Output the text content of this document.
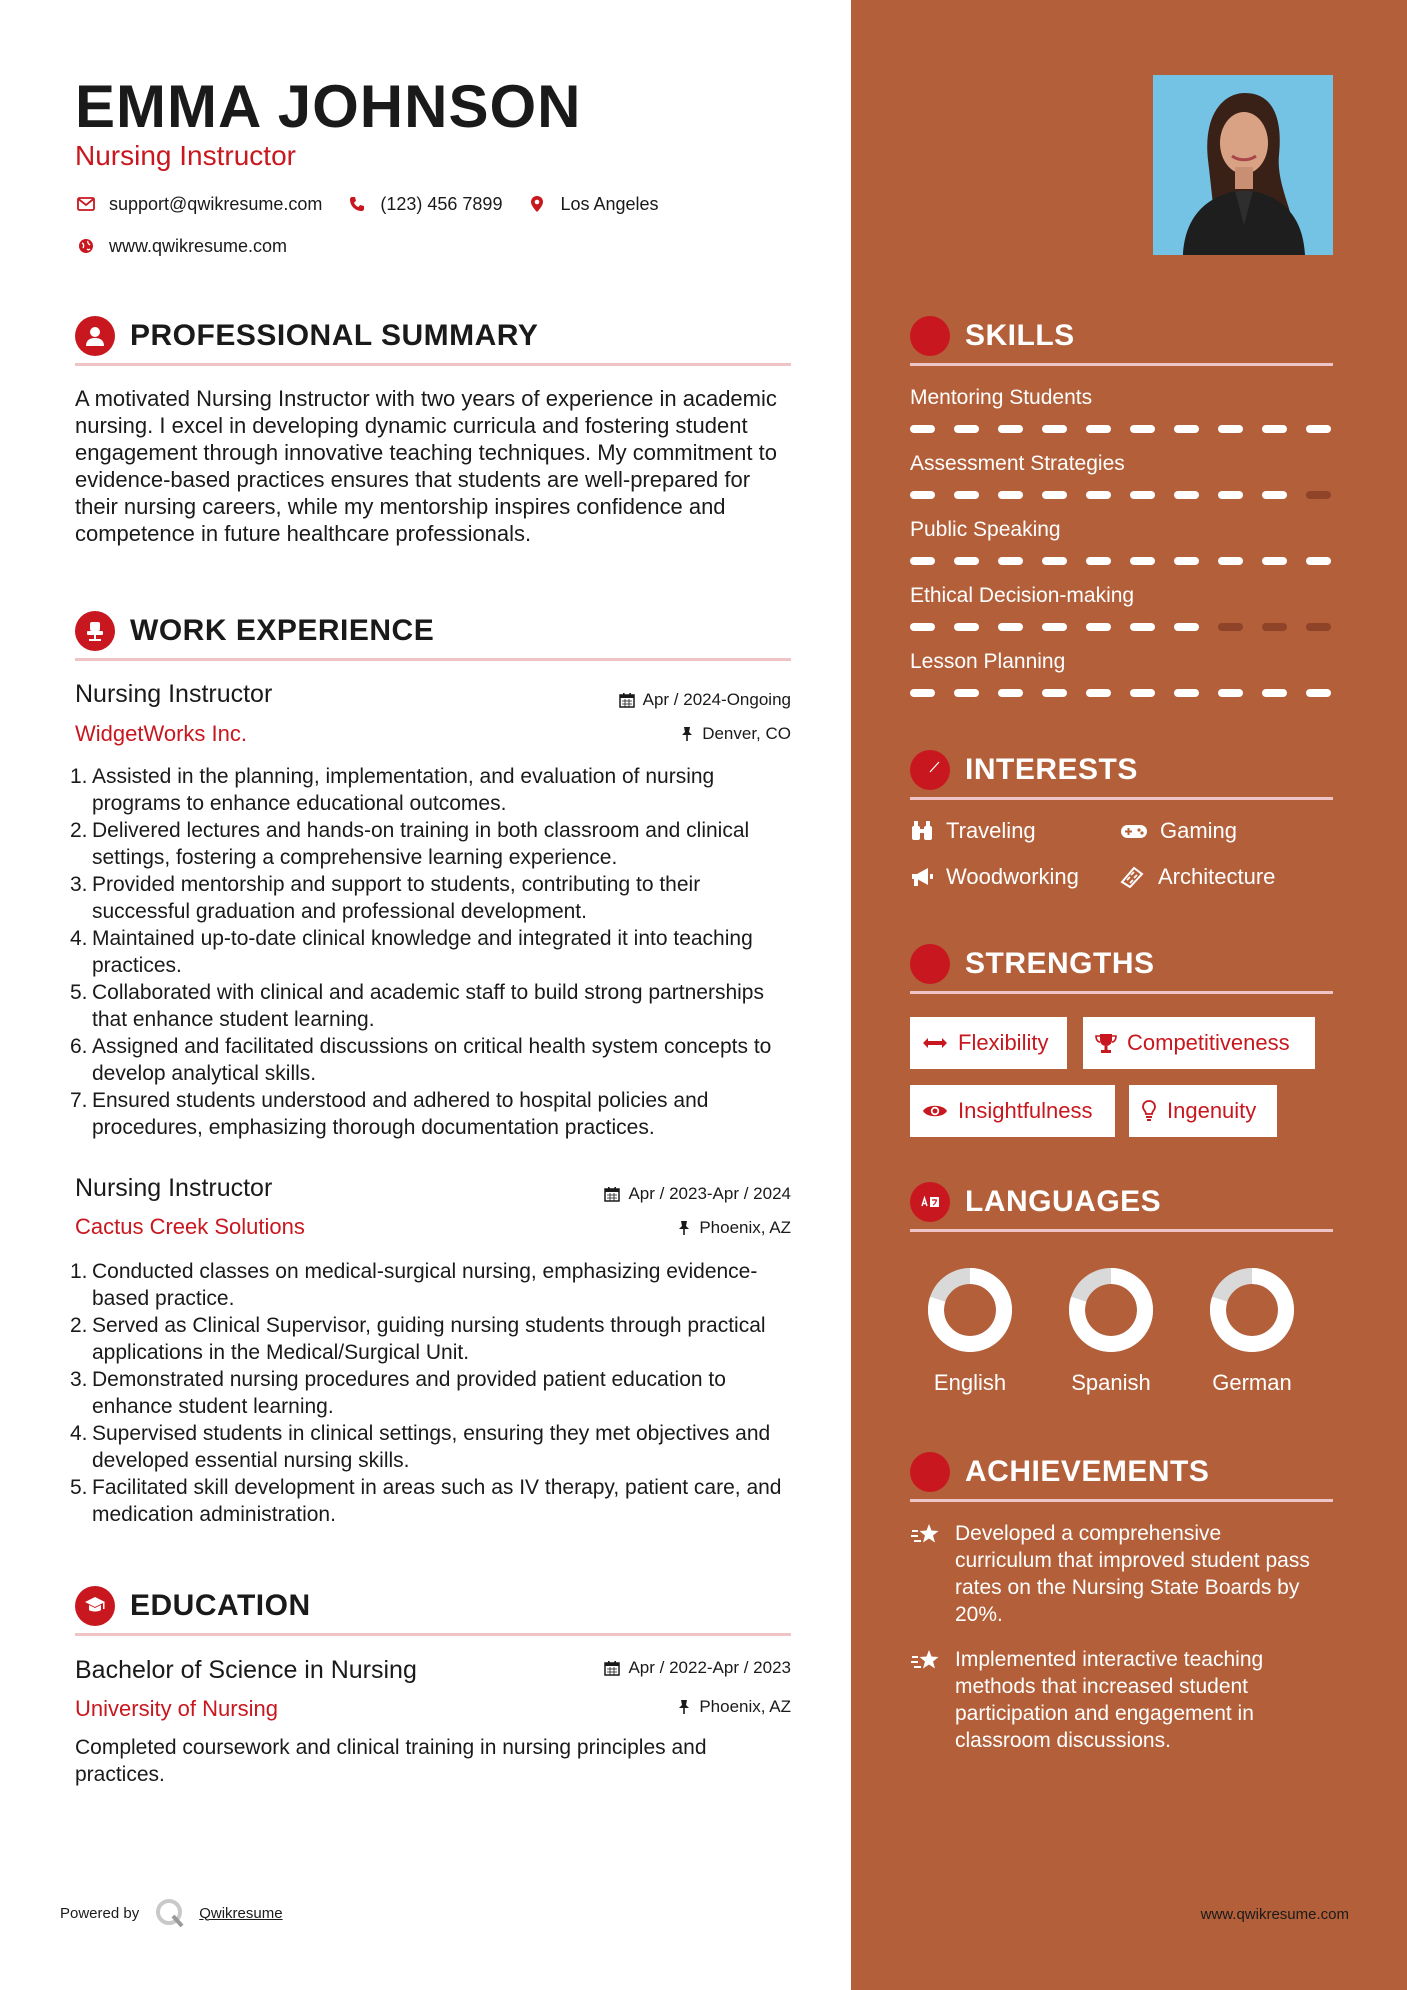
EMMA JOHNSON
Nursing Instructor
support@qwikresume.com	(123) 456 7899	Los Angeles
www.qwikresume.com
PROFESSIONAL SUMMARY
A motivated Nursing Instructor with two years of experience in academic nursing. I excel in developing dynamic curricula and fostering student engagement through innovative teaching techniques. My commitment to evidence-based practices ensures that students are well-prepared for their nursing careers, while my mentorship inspires confidence and competence in future healthcare professionals.
WORK EXPERIENCE
Nursing Instructor	Apr / 2024-Ongoing
WidgetWorks Inc.	Denver, CO
1. Assisted in the planning, implementation, and evaluation of nursing programs to enhance educational outcomes.
2. Delivered lectures and hands-on training in both classroom and clinical settings, fostering a comprehensive learning experience.
3. Provided mentorship and support to students, contributing to their successful graduation and professional development.
4. Maintained up-to-date clinical knowledge and integrated it into teaching practices.
5. Collaborated with clinical and academic staff to build strong partnerships that enhance student learning.
6. Assigned and facilitated discussions on critical health system concepts to develop analytical skills.
7. Ensured students understood and adhered to hospital policies and procedures, emphasizing thorough documentation practices.
Nursing Instructor	Apr / 2023-Apr / 2024
Cactus Creek Solutions	Phoenix, AZ
1. Conducted classes on medical-surgical nursing, emphasizing evidence-based practice.
2. Served as Clinical Supervisor, guiding nursing students through practical applications in the Medical/Surgical Unit.
3. Demonstrated nursing procedures and provided patient education to enhance student learning.
4. Supervised students in clinical settings, ensuring they met objectives and developed essential nursing skills.
5. Facilitated skill development in areas such as IV therapy, patient care, and medication administration.
EDUCATION
Bachelor of Science in Nursing	Apr / 2022-Apr / 2023
University of Nursing	Phoenix, AZ
Completed coursework and clinical training in nursing principles and practices.
Powered by	Qwikresume
SKILLS
Mentoring Students
Assessment Strategies
Public Speaking
Ethical Decision-making
Lesson Planning
INTERESTS
Traveling	Gaming
Woodworking	Architecture
STRENGTHS
Flexibility	Competitiveness
Insightfulness	Ingenuity
LANGUAGES
English	Spanish	German
ACHIEVEMENTS
Developed a comprehensive curriculum that improved student pass rates on the Nursing State Boards by 20%.
Implemented interactive teaching methods that increased student participation and engagement in classroom discussions.
www.qwikresume.com
